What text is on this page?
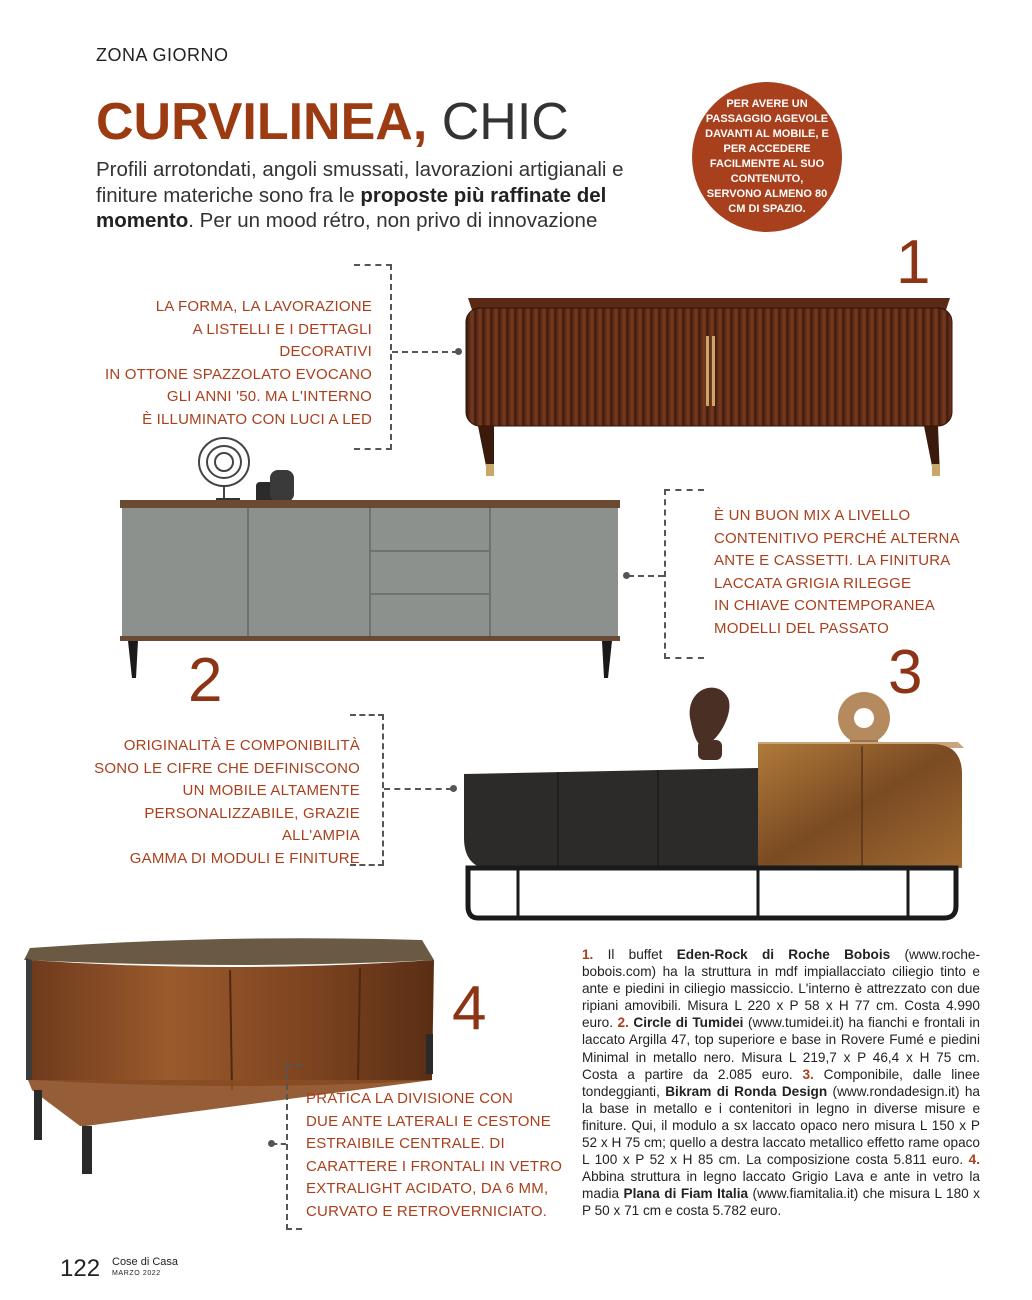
ZONA GIORNO
CURVILINEA, CHIC
Profili arrotondati, angoli smussati, lavorazioni artigianali e finiture materiche sono fra le proposte più raffinate del momento. Per un mood rétro, non privo di innovazione
PER AVERE UN PASSAGGIO AGEVOLE DAVANTI AL MOBILE, E PER ACCEDERE FACILMENTE AL SUO CONTENUTO, SERVONO ALMENO 80 CM DI SPAZIO.
1
2	3
4
LA FORMA, LA LAVORAZIONE
A LISTELLI E I DETTAGLI DECORATIVI
IN OTTONE SPAZZOLATO EVOCANO
GLI ANNI '50. MA L'INTERNO
È ILLUMINATO CON LUCI A LED
È UN BUON MIX A LIVELLO
CONTENITIVO PERCHÉ ALTERNA
ANTE E CASSETTI. LA FINITURA
LACCATA GRIGIA RILEGGE
IN CHIAVE CONTEMPORANEA
MODELLI DEL PASSATO
ORIGINALITÀ E COMPONIBILITÀ
SONO LE CIFRE CHE DEFINISCONO
UN MOBILE ALTAMENTE
PERSONALIZZABILE, GRAZIE ALL'AMPIA
GAMMA DI MODULI E FINITURE
PRATICA LA DIVISIONE CON
DUE ANTE LATERALI E CESTONE
ESTRAIBILE CENTRALE. DI
CARATTERE I FRONTALI IN VETRO
EXTRALIGHT ACIDATO, DA 6 MM,
CURVATO E RETROVERNICIATO.
1. Il buffet Eden-Rock di Roche Bobois (www.roche-bobois.com) ha la struttura in mdf impiallacciato ciliegio tinto e ante e piedini in ciliegio massiccio. L'interno è attrezzato con due ripiani amovibili. Misura L 220 x P 58 x H 77 cm. Costa 4.990 euro. 2. Circle di Tumidei (www.tumidei.it) ha fianchi e frontali in laccato Argilla 47, top superiore e base in Rovere Fumé e piedini Minimal in metallo nero. Misura L 219,7 x P 46,4 x H 75 cm. Costa a partire da 2.085 euro. 3. Componibile, dalle linee tondeggianti, Bikram di Ronda Design (www.rondadesign.it) ha la base in metallo e i contenitori in legno in diverse misure e finiture. Qui, il modulo a sx laccato opaco nero misura L 150 x P 52 x H 75 cm; quello a destra laccato metallico effetto rame opaco L 100 x P 52 x H 85 cm. La composizione costa 5.811 euro. 4. Abbina struttura in legno laccato Grigio Lava e ante in vetro la madia Plana di Fiam Italia (www.fiamitalia.it) che misura L 180 x P 50 x 71 cm e costa 5.782 euro.
122 Cose di Casa
MARZO 2022
